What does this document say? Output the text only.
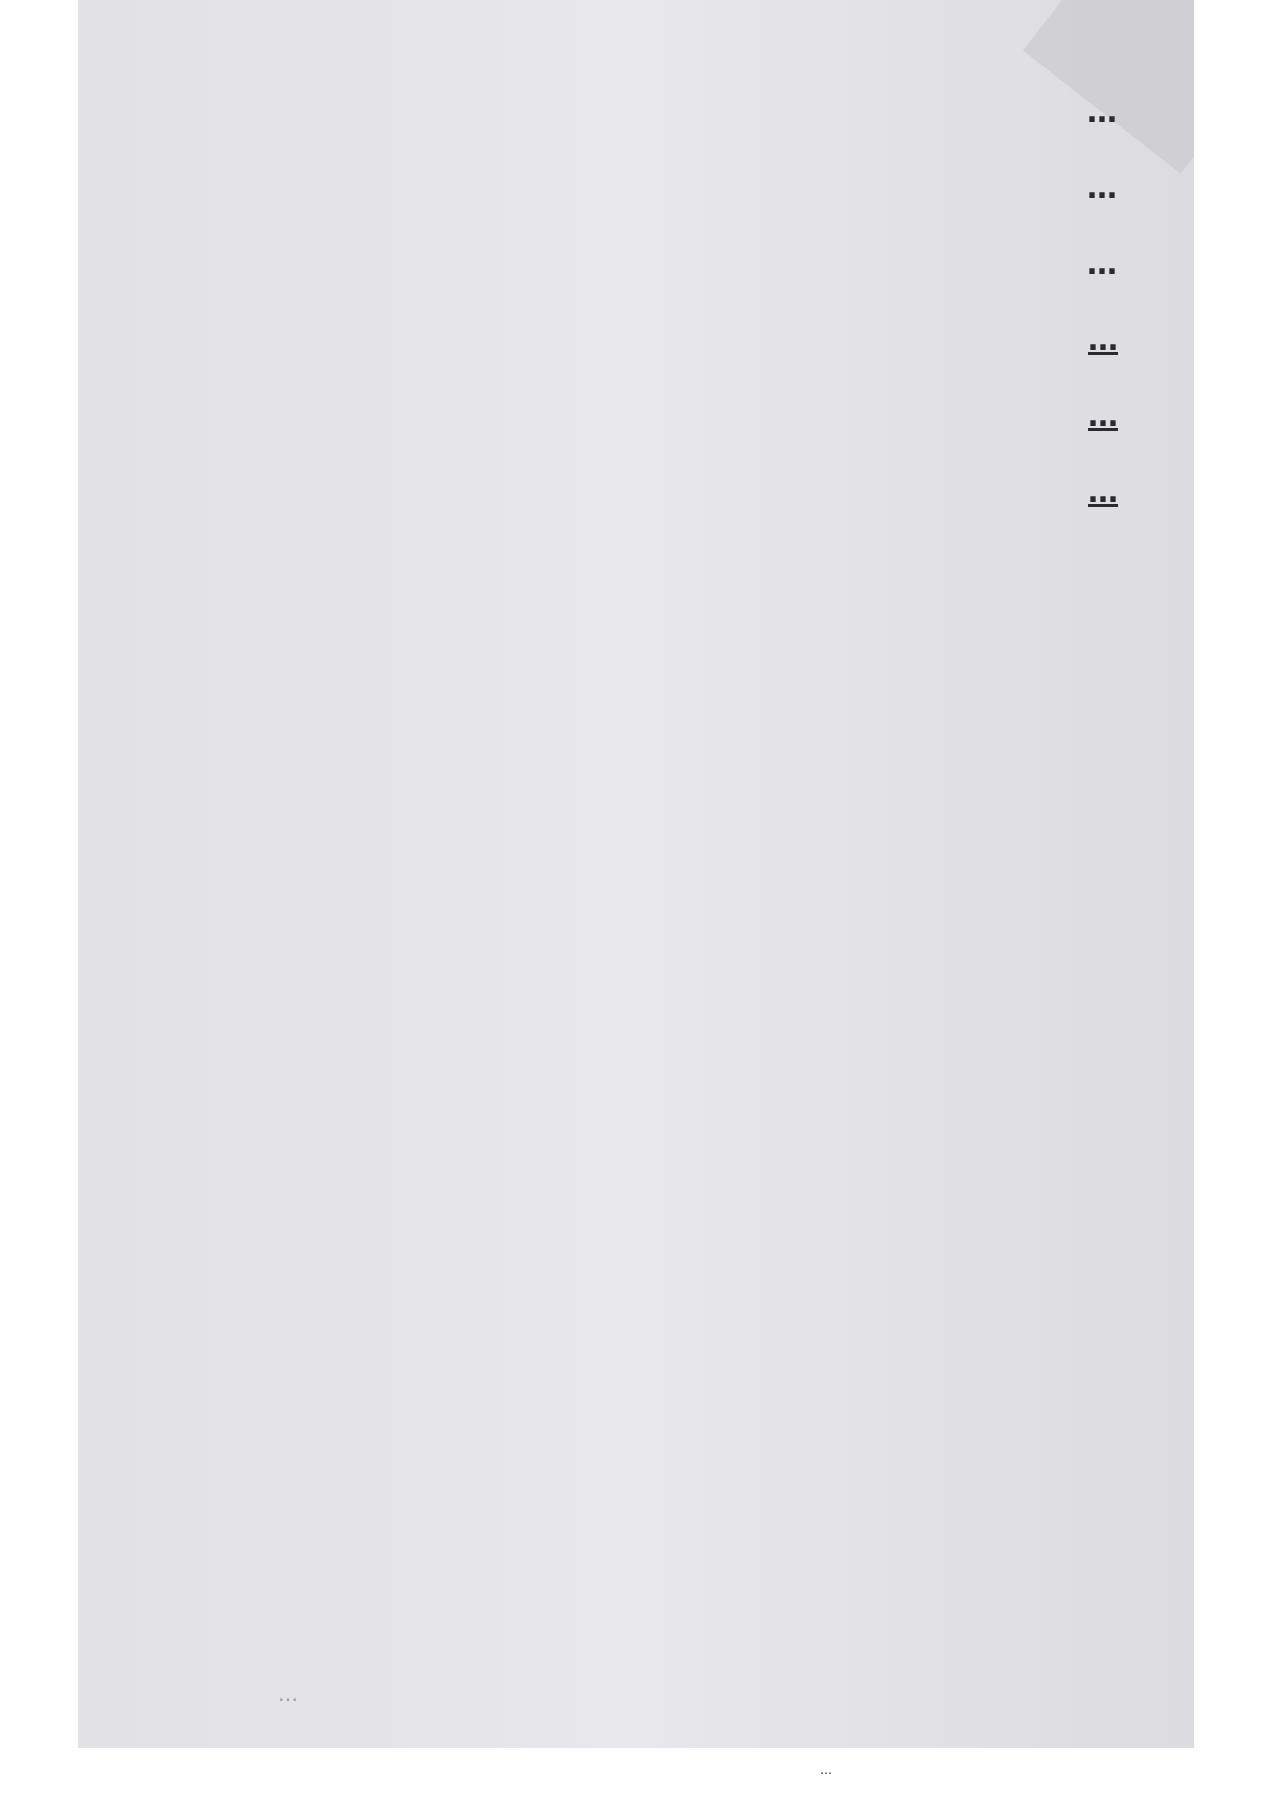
…
…
…
…
…
…
…
…
